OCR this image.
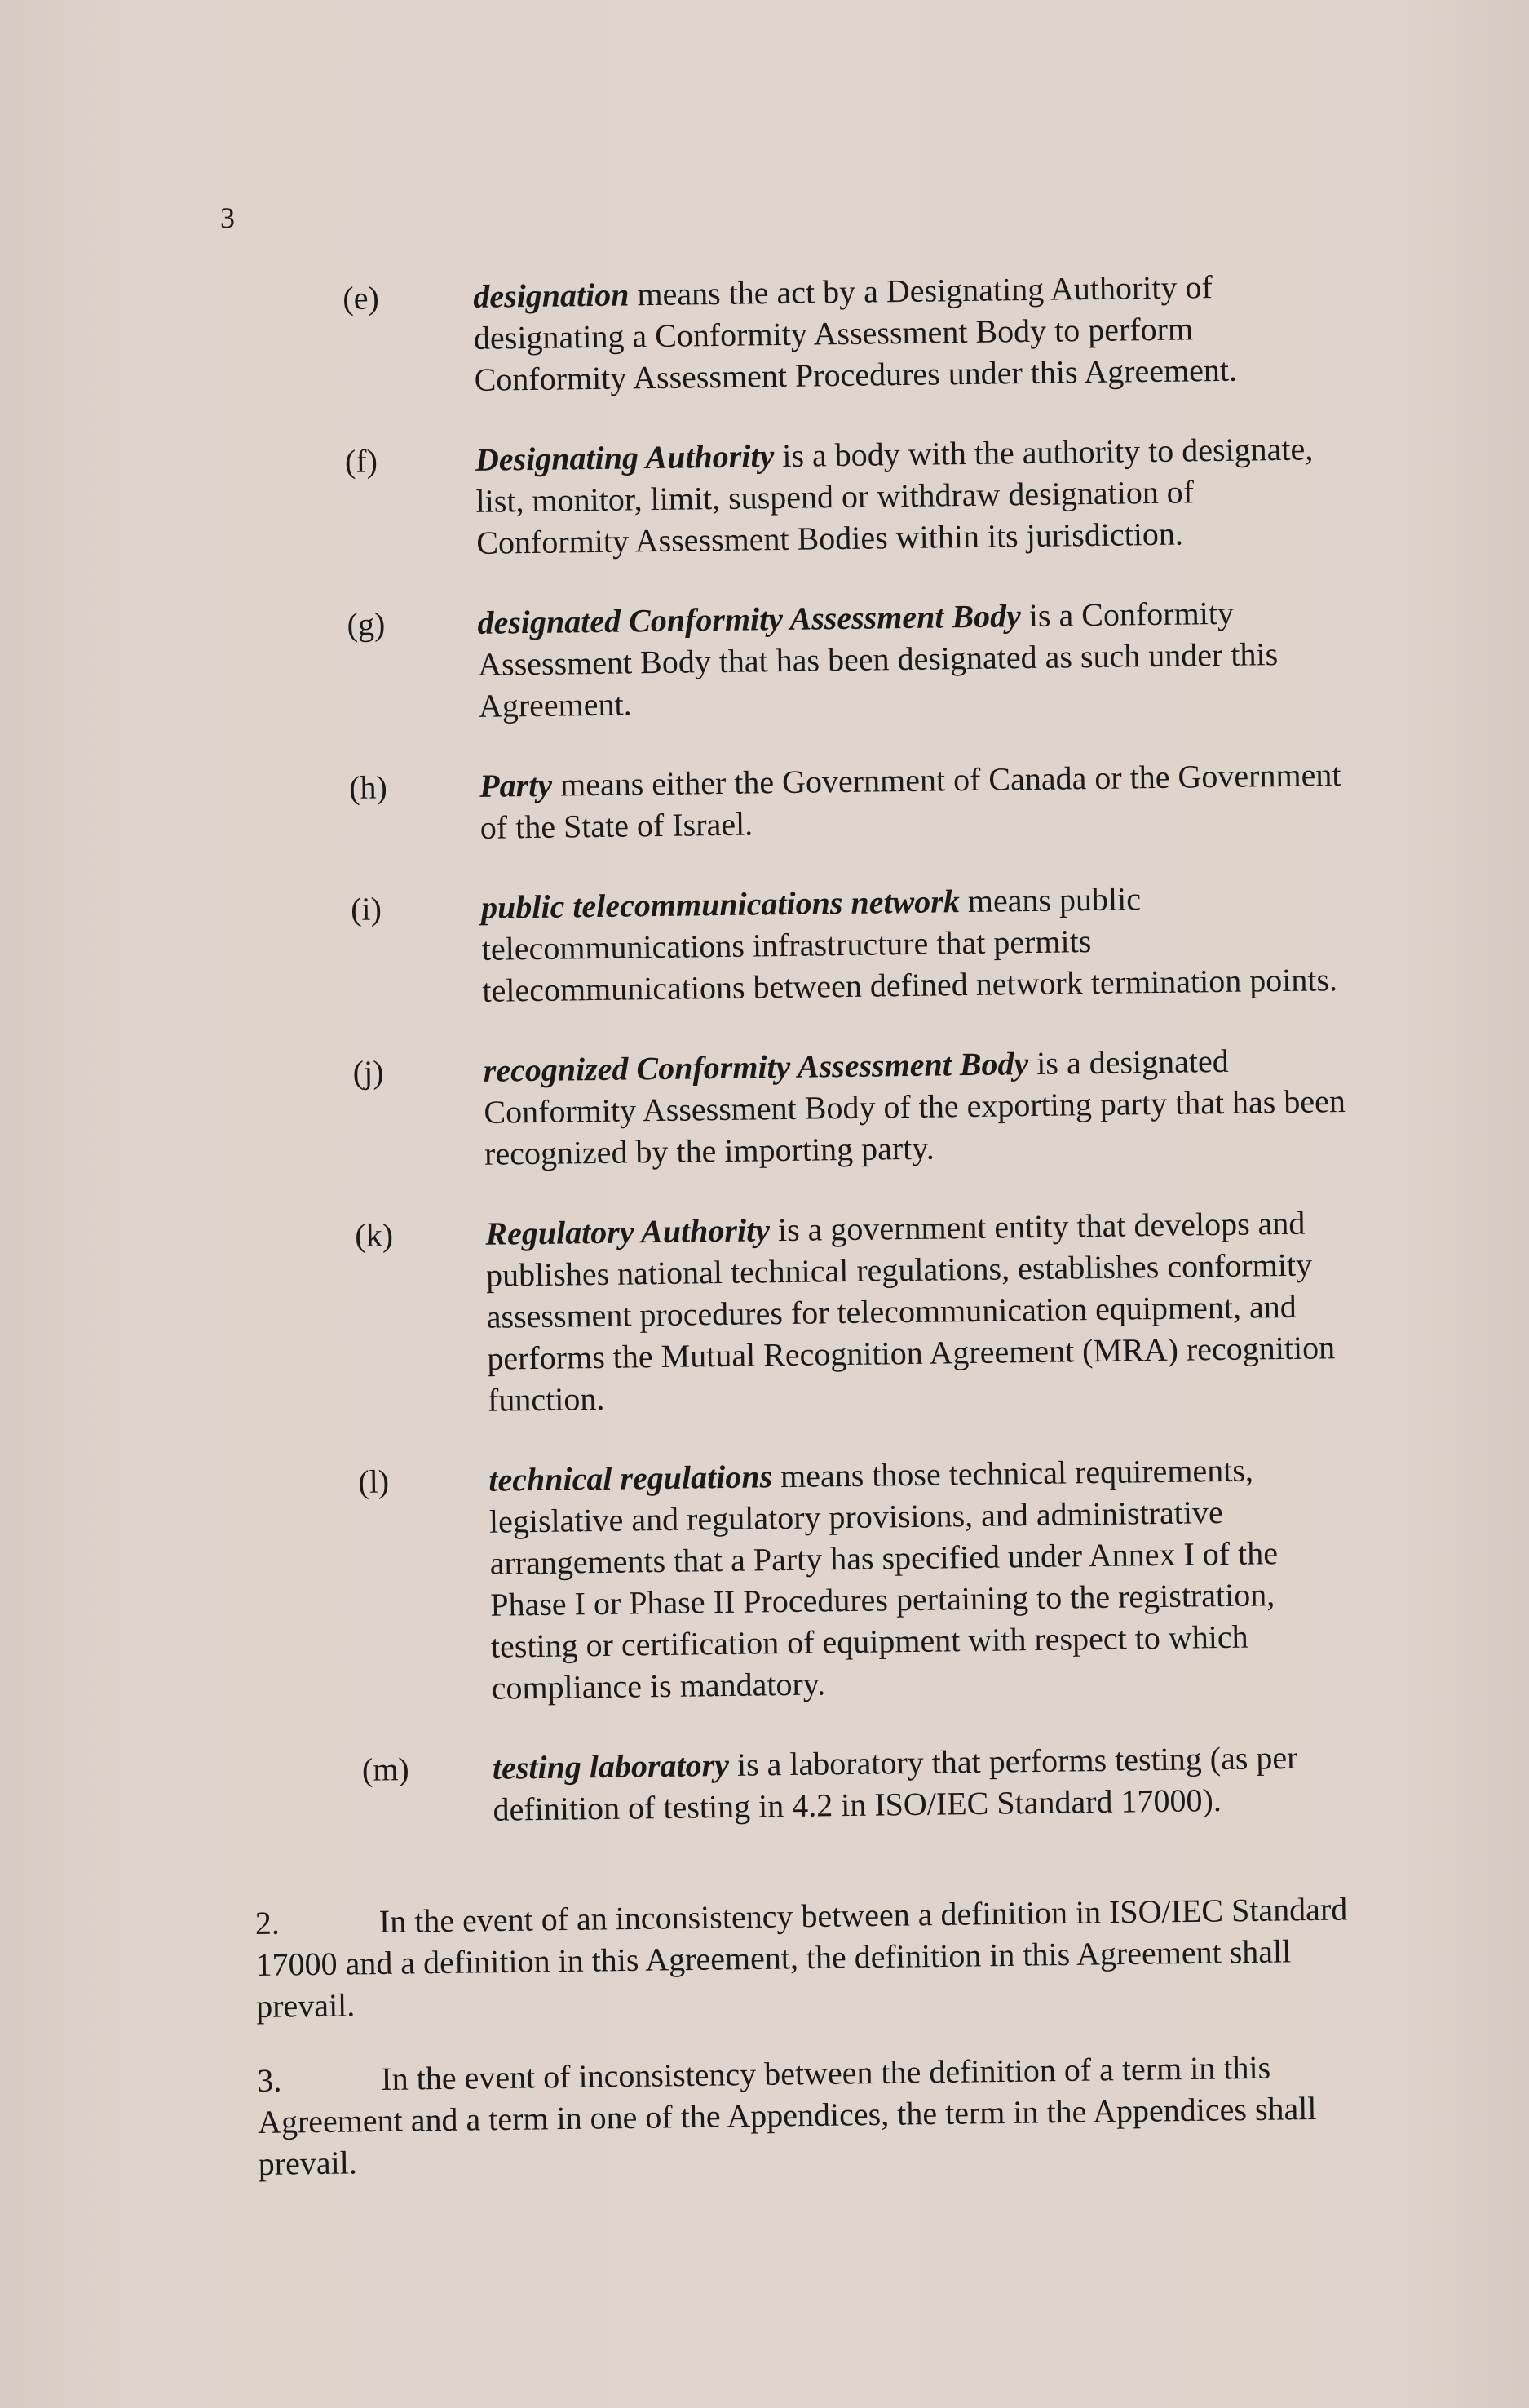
3
(e)	designation means the act by a Designating Authority of designating a Conformity Assessment Body to perform Conformity Assessment Procedures under this Agreement.
(f)	Designating Authority is a body with the authority to designate, list, monitor, limit, suspend or withdraw designation of Conformity Assessment Bodies within its jurisdiction.
(g)	designated Conformity Assessment Body is a Conformity Assessment Body that has been designated as such under this Agreement.
(h)	Party means either the Government of Canada or the Government of the State of Israel.
(i)	public telecommunications network means public telecommunications infrastructure that permits telecommunications between defined network termination points.
(j)	recognized Conformity Assessment Body is a designated Conformity Assessment Body of the exporting party that has been recognized by the importing party.
(k)	Regulatory Authority is a government entity that develops and publishes national technical regulations, establishes conformity assessment procedures for telecommunication equipment, and performs the Mutual Recognition Agreement (MRA) recognition function.
(l)	technical regulations means those technical requirements, legislative and regulatory provisions, and administrative arrangements that a Party has specified under Annex I of the Phase I or Phase II Procedures pertaining to the registration, testing or certification of equipment with respect to which compliance is mandatory.
(m)	testing laboratory is a laboratory that performs testing (as per definition of testing in 4.2 in ISO/IEC Standard 17000).

2.	In the event of an inconsistency between a definition in ISO/IEC Standard 17000 and a definition in this Agreement, the definition in this Agreement shall prevail.

3.	In the event of inconsistency between the definition of a term in this Agreement and a term in one of the Appendices, the term in the Appendices shall prevail.
